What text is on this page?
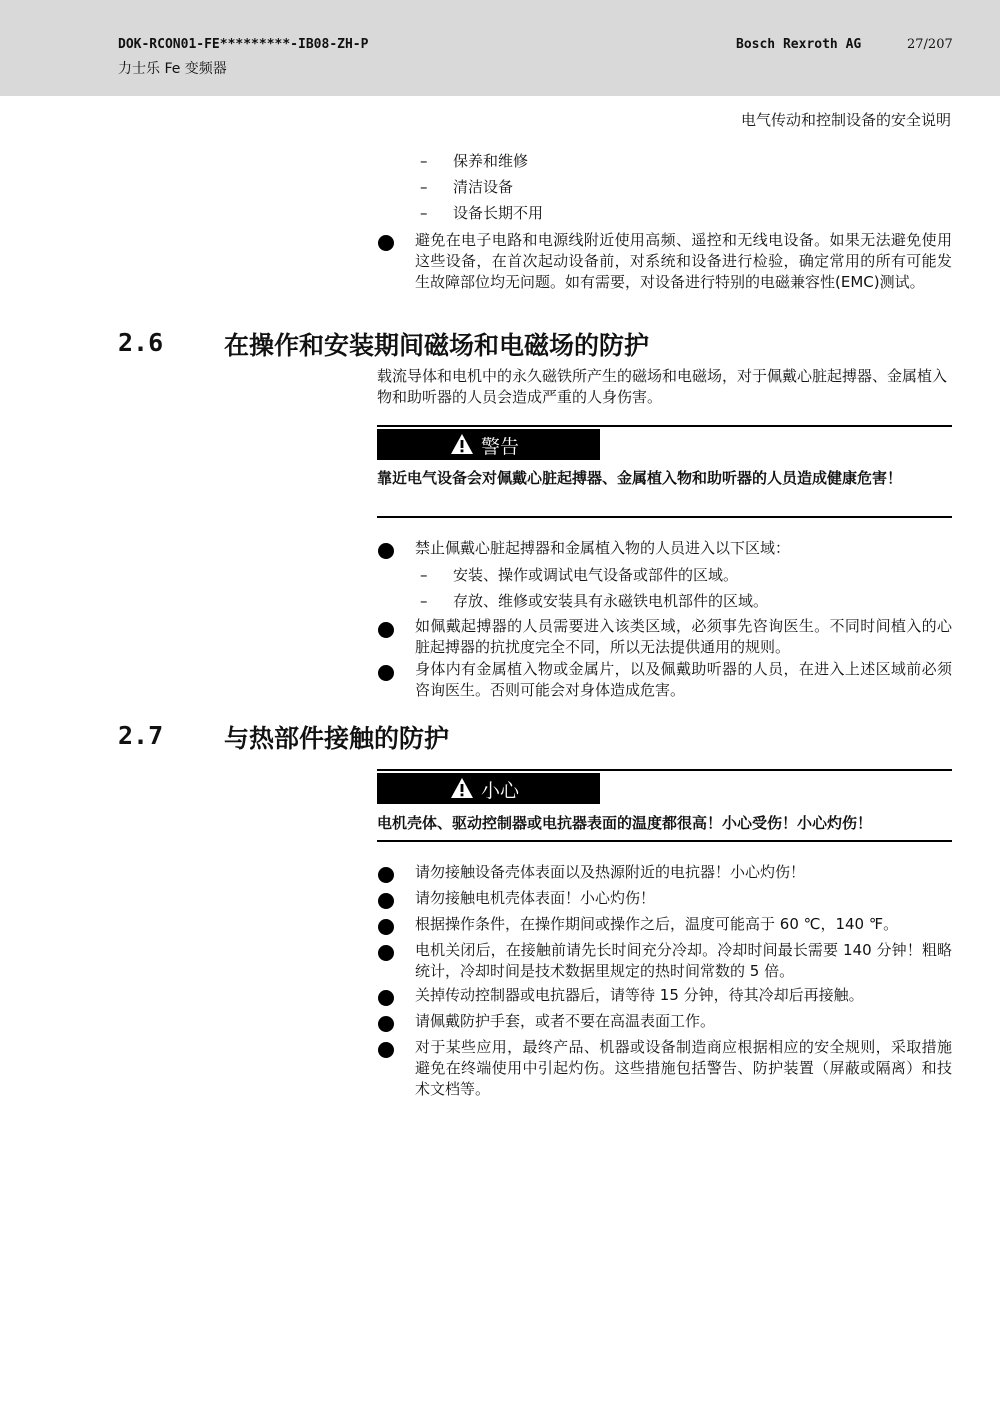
DOK-RCON01-FE*********-IB08-ZH-P
力士乐 Fe 变频器
Bosch Rexroth AG	27/207
电气传动和控制设备的安全说明
– 保养和维修
– 清洁设备
– 设备长期不用
避免在电子电路和电源线附近使用高频、遥控和无线电设备。如果无法避免使用这些设备，在首次起动设备前，对系统和设备进行检验，确定常用的所有可能发生故障部位均无问题。如有需要，对设备进行特别的电磁兼容性(EMC)测试。
2.6 在操作和安装期间磁场和电磁场的防护
载流导体和电机中的永久磁铁所产生的磁场和电磁场，对于佩戴心脏起搏器、金属植入物和助听器的人员会造成严重的人身伤害。
警告
靠近电气设备会对佩戴心脏起搏器、金属植入物和助听器的人员造成健康危害！
禁止佩戴心脏起搏器和金属植入物的人员进入以下区域：
– 安装、操作或调试电气设备或部件的区域。
– 存放、维修或安装具有永磁铁电机部件的区域。
如佩戴起搏器的人员需要进入该类区域，必须事先咨询医生。不同时间植入的心脏起搏器的抗扰度完全不同，所以无法提供通用的规则。
身体内有金属植入物或金属片，以及佩戴助听器的人员，在进入上述区域前必须咨询医生。否则可能会对身体造成危害。
2.7 与热部件接触的防护
小心
电机壳体、驱动控制器或电抗器表面的温度都很高！小心受伤！小心灼伤！
请勿接触设备壳体表面以及热源附近的电抗器！小心灼伤！
请勿接触电机壳体表面！小心灼伤！
根据操作条件，在操作期间或操作之后，温度可能高于 60 ℃，140 ℉。
电机关闭后，在接触前请先长时间充分冷却。冷却时间最长需要 140 分钟！粗略统计，冷却时间是技术数据里规定的热时间常数的 5 倍。
关掉传动控制器或电抗器后，请等待 15 分钟，待其冷却后再接触。
请佩戴防护手套，或者不要在高温表面工作。
对于某些应用，最终产品、机器或设备制造商应根据相应的安全规则，采取措施避免在终端使用中引起灼伤。这些措施包括警告、防护装置（屏蔽或隔离）和技术文档等。
